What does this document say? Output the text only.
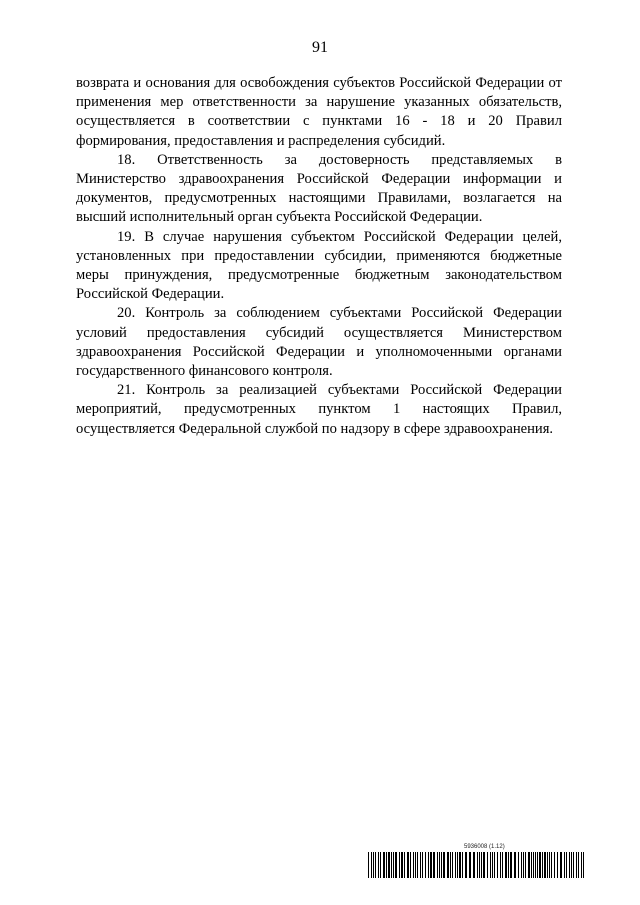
91

возврата и основания для освобождения субъектов Российской Федерации от применения мер ответственности за нарушение указанных обязательств, осуществляется в соответствии с пунктами 16 - 18 и 20 Правил формирования, предоставления и распределения субсидий.

18. Ответственность за достоверность представляемых в Министерство здравоохранения Российской Федерации информации и документов, предусмотренных настоящими Правилами, возлагается на высший исполнительный орган субъекта Российской Федерации.

19. В случае нарушения субъектом Российской Федерации целей, установленных при предоставлении субсидии, применяются бюджетные меры принуждения, предусмотренные бюджетным законодательством Российской Федерации.

20. Контроль за соблюдением субъектами Российской Федерации условий предоставления субсидий осуществляется Министерством здравоохранения Российской Федерации и уполномоченными органами государственного финансового контроля.

21. Контроль за реализацией субъектами Российской Федерации мероприятий, предусмотренных пунктом 1 настоящих Правил, осуществляется Федеральной службой по надзору в сфере здравоохранения.

5936008 (1.12)
